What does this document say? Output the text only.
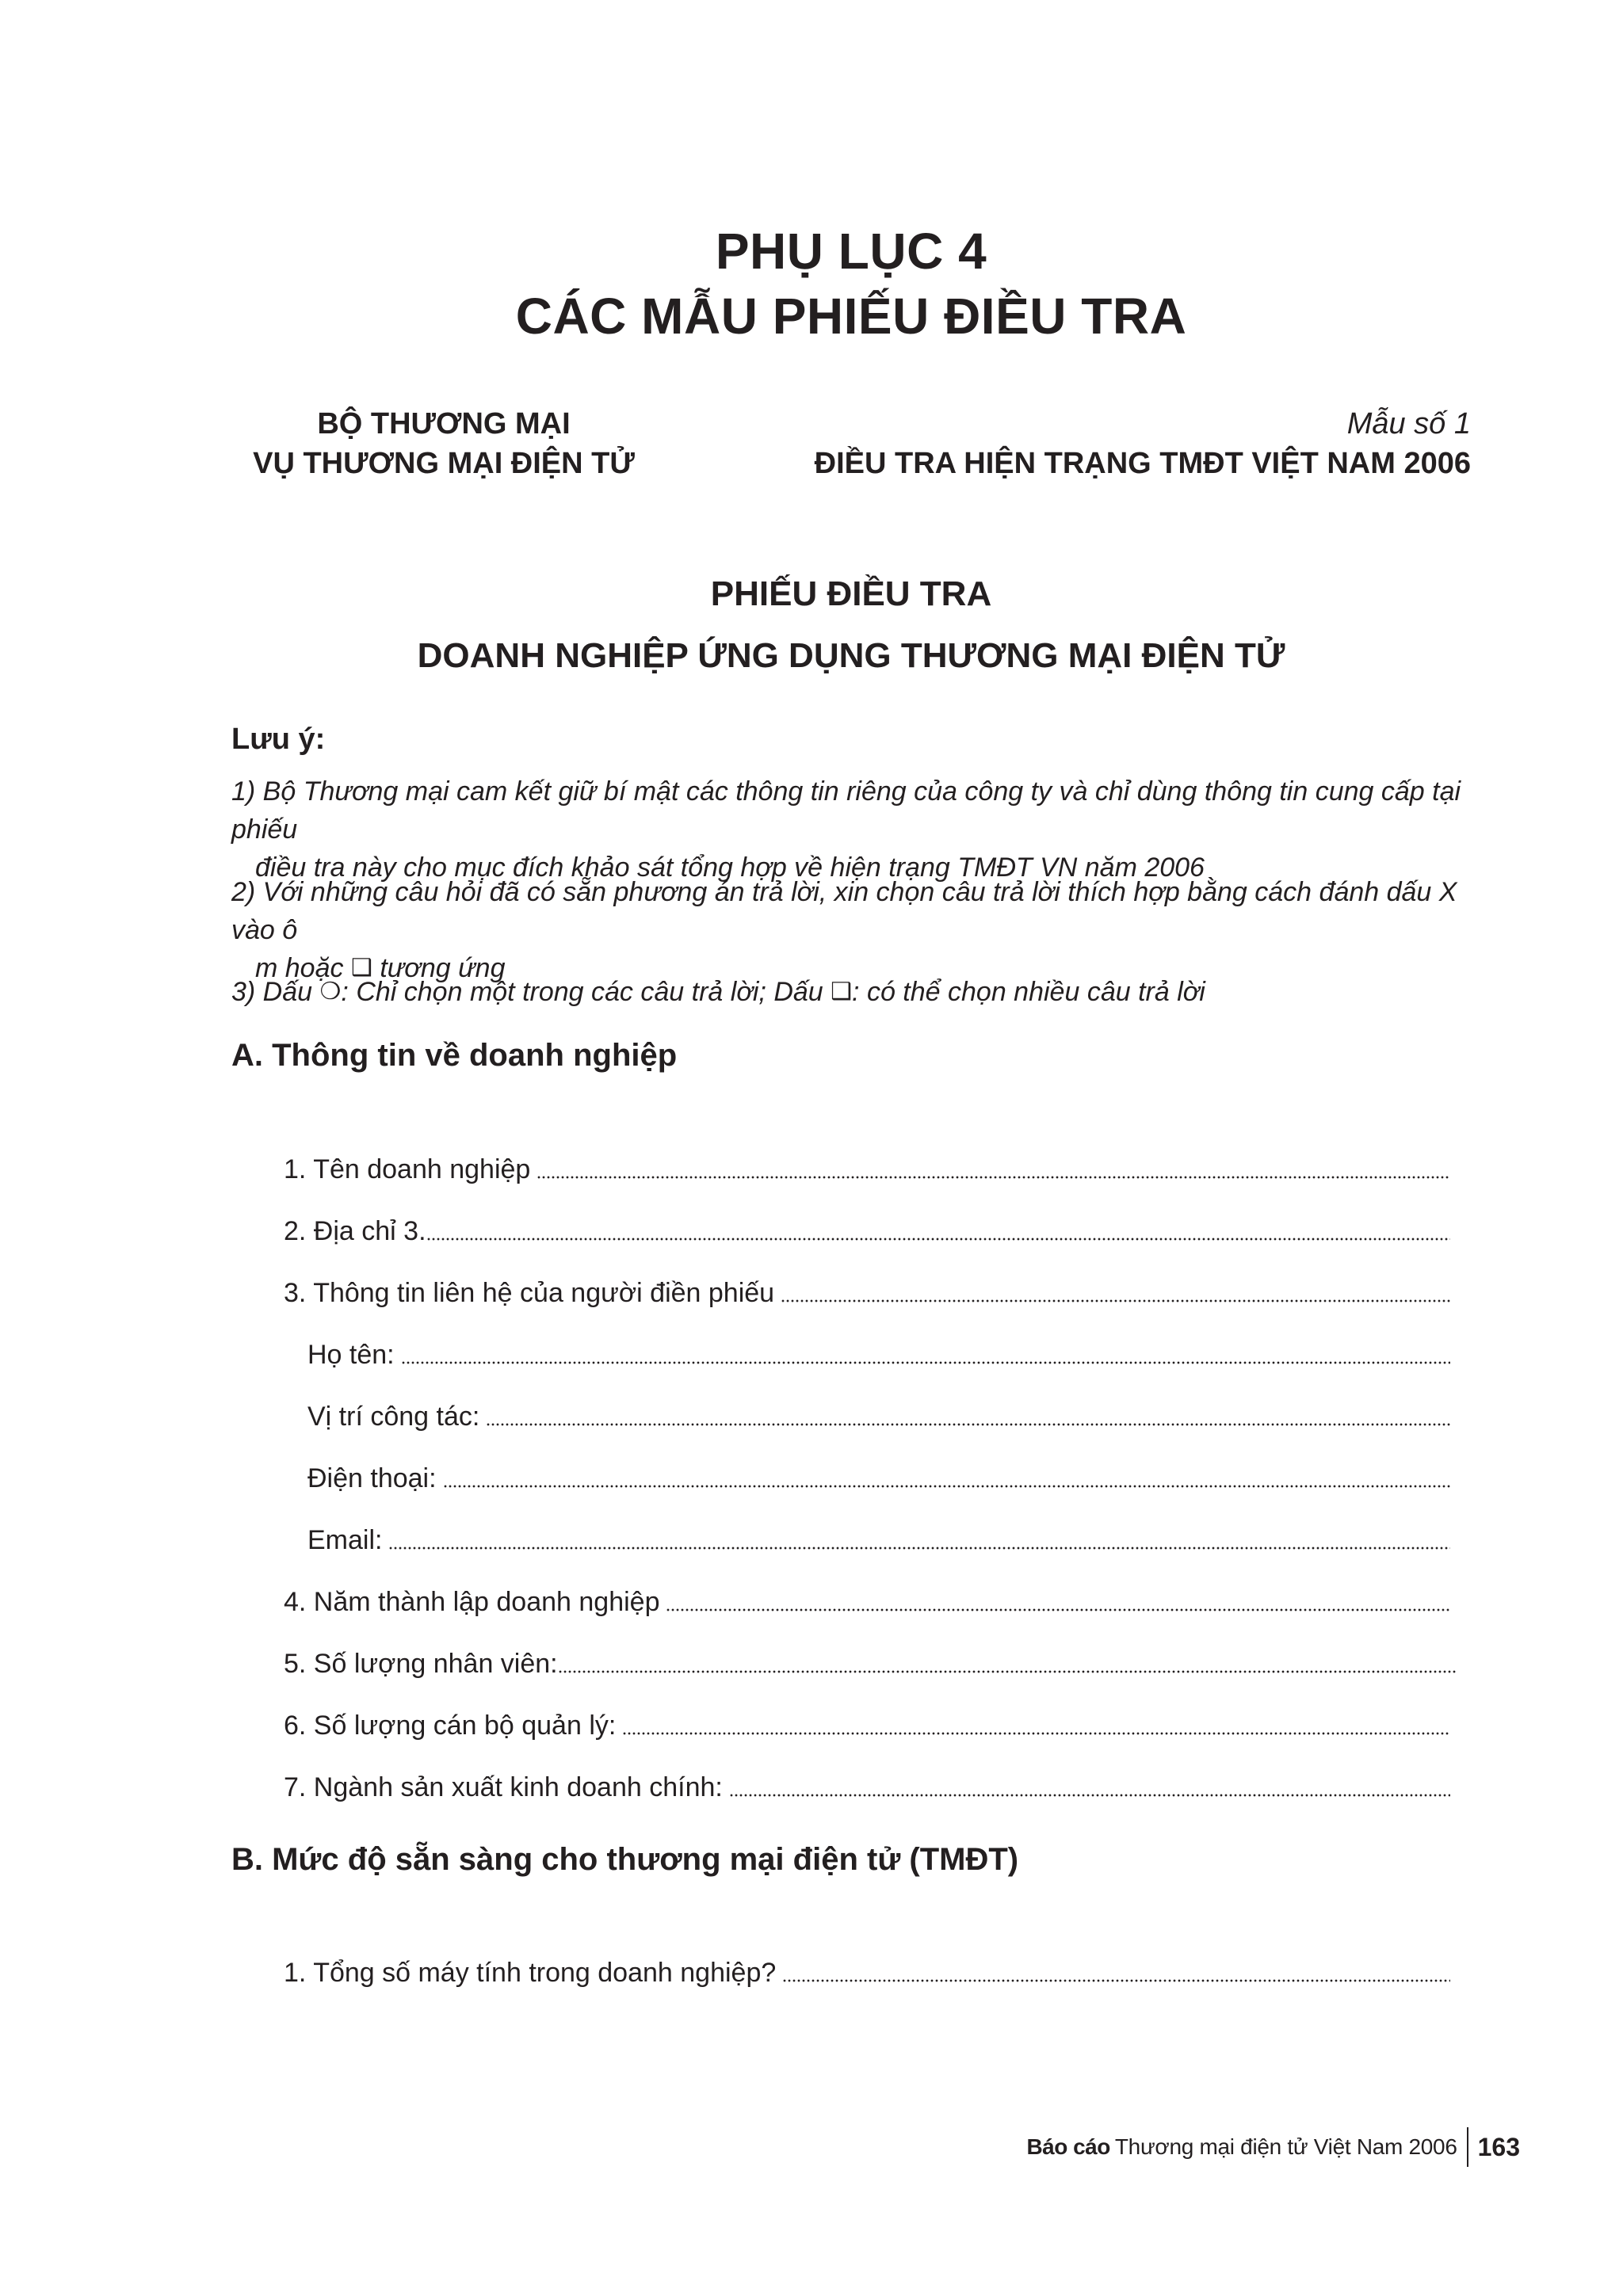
PHỤ LỤC 4
CÁC MẪU PHIẾU ĐIỀU TRA
BỘ THƯƠNG MẠI
VỤ THƯƠNG MẠI ĐIỆN TỬ
Mẫu số 1
ĐIỀU TRA HIỆN TRẠNG TMĐT VIỆT NAM 2006
PHIẾU ĐIỀU TRA
DOANH NGHIỆP ỨNG DỤNG THƯƠNG MẠI ĐIỆN TỬ
Lưu ý:
1) Bộ Thương mại cam kết giữ bí mật các thông tin riêng của công ty và chỉ dùng thông tin cung cấp tại phiếu
điều tra này cho mục đích khảo sát tổng hợp về hiện trạng TMĐT VN năm 2006
2) Với những câu hỏi đã có sẵn phương án trả lời, xin chọn câu trả lời thích hợp bằng cách đánh dấu X vào ô
m hoặc ❑ tương ứng
3) Dấu ❍: Chỉ chọn một trong các câu trả lời; Dấu ❑: có thể chọn nhiều câu trả lời
A. Thông tin về doanh nghiệp
1. Tên doanh nghiệp
2. Địa chỉ 3.
3. Thông tin liên hệ của người điền phiếu
Họ tên:
Vị trí công tác:
Điện thoại:
Email:
4. Năm thành lập doanh nghiệp
5. Số lượng nhân viên:
6. Số lượng cán bộ quản lý:
7. Ngành sản xuất kinh doanh chính:
B. Mức độ sẵn sàng cho thương mại điện tử (TMĐT)
1. Tổng số máy tính trong doanh nghiệp?
Báo cáo Thương mại điện tử Việt Nam 2006 163
